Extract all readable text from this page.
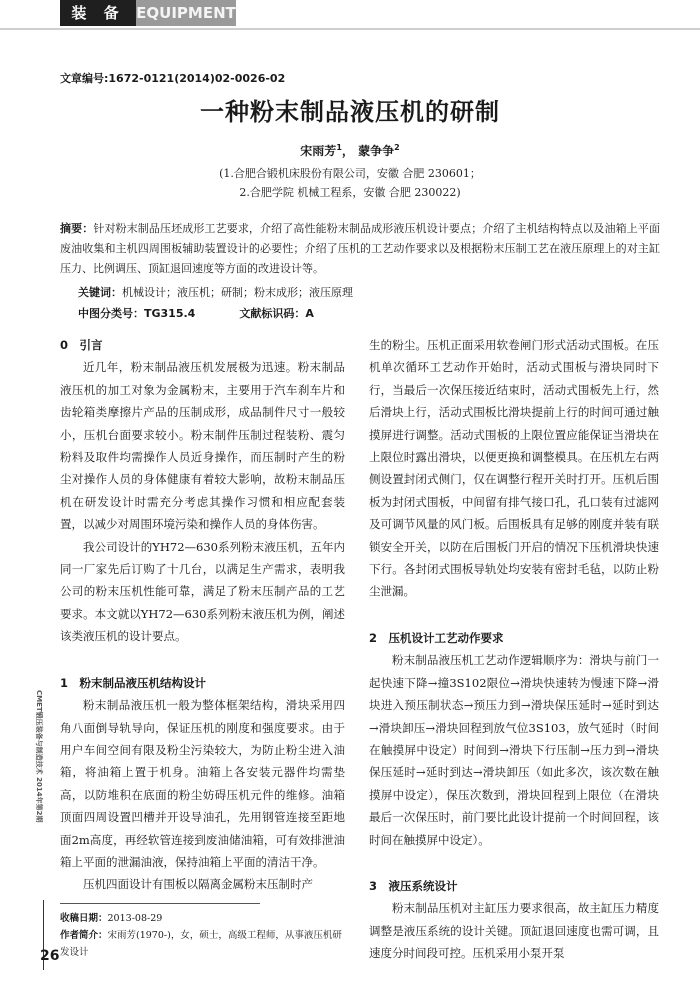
装 备 EQUIPMENT
文章编号:1672-0121(2014)02-0026-02
一种粉末制品液压机的研制
宋雨芳$^1$， 蒙争争$^2$
(1.合肥合锻机床股份有限公司，安徽 合肥 230601；
2.合肥学院 机械工程系，安徽 合肥 230022)
摘要：针对粉末制品压坯成形工艺要求，介绍了高性能粉末制品成形液压机设计要点；介绍了主机结构特点以及油箱上平面废油收集和主机四周围板辅助装置设计的必要性；介绍了压机的工艺动作要求以及根据粉末压制工艺在液压原理上的对主缸压力、比例调压、顶缸退回速度等方面的改进设计等。
关键词：机械设计；液压机；研制；粉末成形；液压原理
中图分类号：TG315.4	文献标识码：A
0　引言

近几年，粉末制品液压机发展极为迅速。粉末制品液压机的加工对象为金属粉末，主要用于汽车刹车片和齿轮箱类摩擦片产品的压制成形，成品制件尺寸一般较小，压机台面要求较小。粉末制件压制过程装粉、震匀粉料及取件均需操作人员近身操作，而压制时产生的粉尘对操作人员的身体健康有着较大影响，故粉末制品压机在研发设计时需充分考虑其操作习惯和相应配套装置，以减少对周围环境污染和操作人员的身体伤害。

我公司设计的YH72—630系列粉末液压机，五年内同一厂家先后订购了十几台，以满足生产需求，表明我公司的粉末压机性能可靠，满足了粉末压制产品的工艺要求。本文就以YH72—630系列粉末液压机为例，阐述该类液压机的设计要点。

1　粉末制品液压机结构设计

粉末制品液压机一般为整体框架结构，滑块采用四角八面倒导轨导向，保证压机的刚度和强度要求。由于用户车间空间有限及粉尘污染较大，为防止粉尘进入油箱，将油箱上置于机身。油箱上各安装元器件均需垫高，以防堆积在底面的粉尘妨碍压机元件的维修。油箱顶面四周设置凹槽并开设导油孔，先用钢管连接至距地面2m高度，再经软管连接到废油储油箱，可有效排泄油箱上平面的泄漏油液，保持油箱上平面的清洁干净。

压机四面设计有围板以隔离金属粉末压制时产

生的粉尘。压机正面采用软卷闸门形式活动式围板。在压机单次循环工艺动作开始时，活动式围板与滑块同时下行，当最后一次保压接近结束时，活动式围板先上行，然后滑块上行，活动式围板比滑块提前上行的时间可通过触摸屏进行调整。活动式围板的上限位置应能保证当滑块在上限位时露出滑块，以便更换和调整模具。在压机左右两侧设置封闭式侧门，仅在调整行程开关时打开。压机后围板为封闭式围板，中间留有排气接口孔，孔口装有过滤网及可调节风量的风门板。后围板具有足够的刚度并装有联锁安全开关，以防在后围板门开启的情况下压机滑块快速下行。各封闭式围板导轨处均安装有密封毛毡，以防止粉尘泄漏。

2　压机设计工艺动作要求

粉末制品液压机工艺动作逻辑顺序为：滑块与前门一起快速下降→撞3S102限位→滑块快速转为慢速下降→滑块进入预压制状态→预压力到→滑块保压延时→延时到达→滑块卸压→滑块回程到放气位3S103，放气延时（时间在触摸屏中设定）时间到→滑块下行压制→压力到→滑块保压延时→延时到达→滑块卸压（如此多次，该次数在触摸屏中设定），保压次数到，滑块回程到上限位（在滑块最后一次保压时，前门要比此设计提前一个时间回程，该时间在触摸屏中设定）。

3　液压系统设计

粉末制品压机对主缸压力要求很高，故主缸压力精度调整是液压系统的设计关键。顶缸退回速度也需可调，且速度分时间段可控。压机采用小泵开泵

收稿日期：2013-08-29
作者简介：宋雨芳(1970-)，女，硕士，高级工程师，从事液压机研发设计
CMET锻压装备与制造技术 2014年第2期
26
